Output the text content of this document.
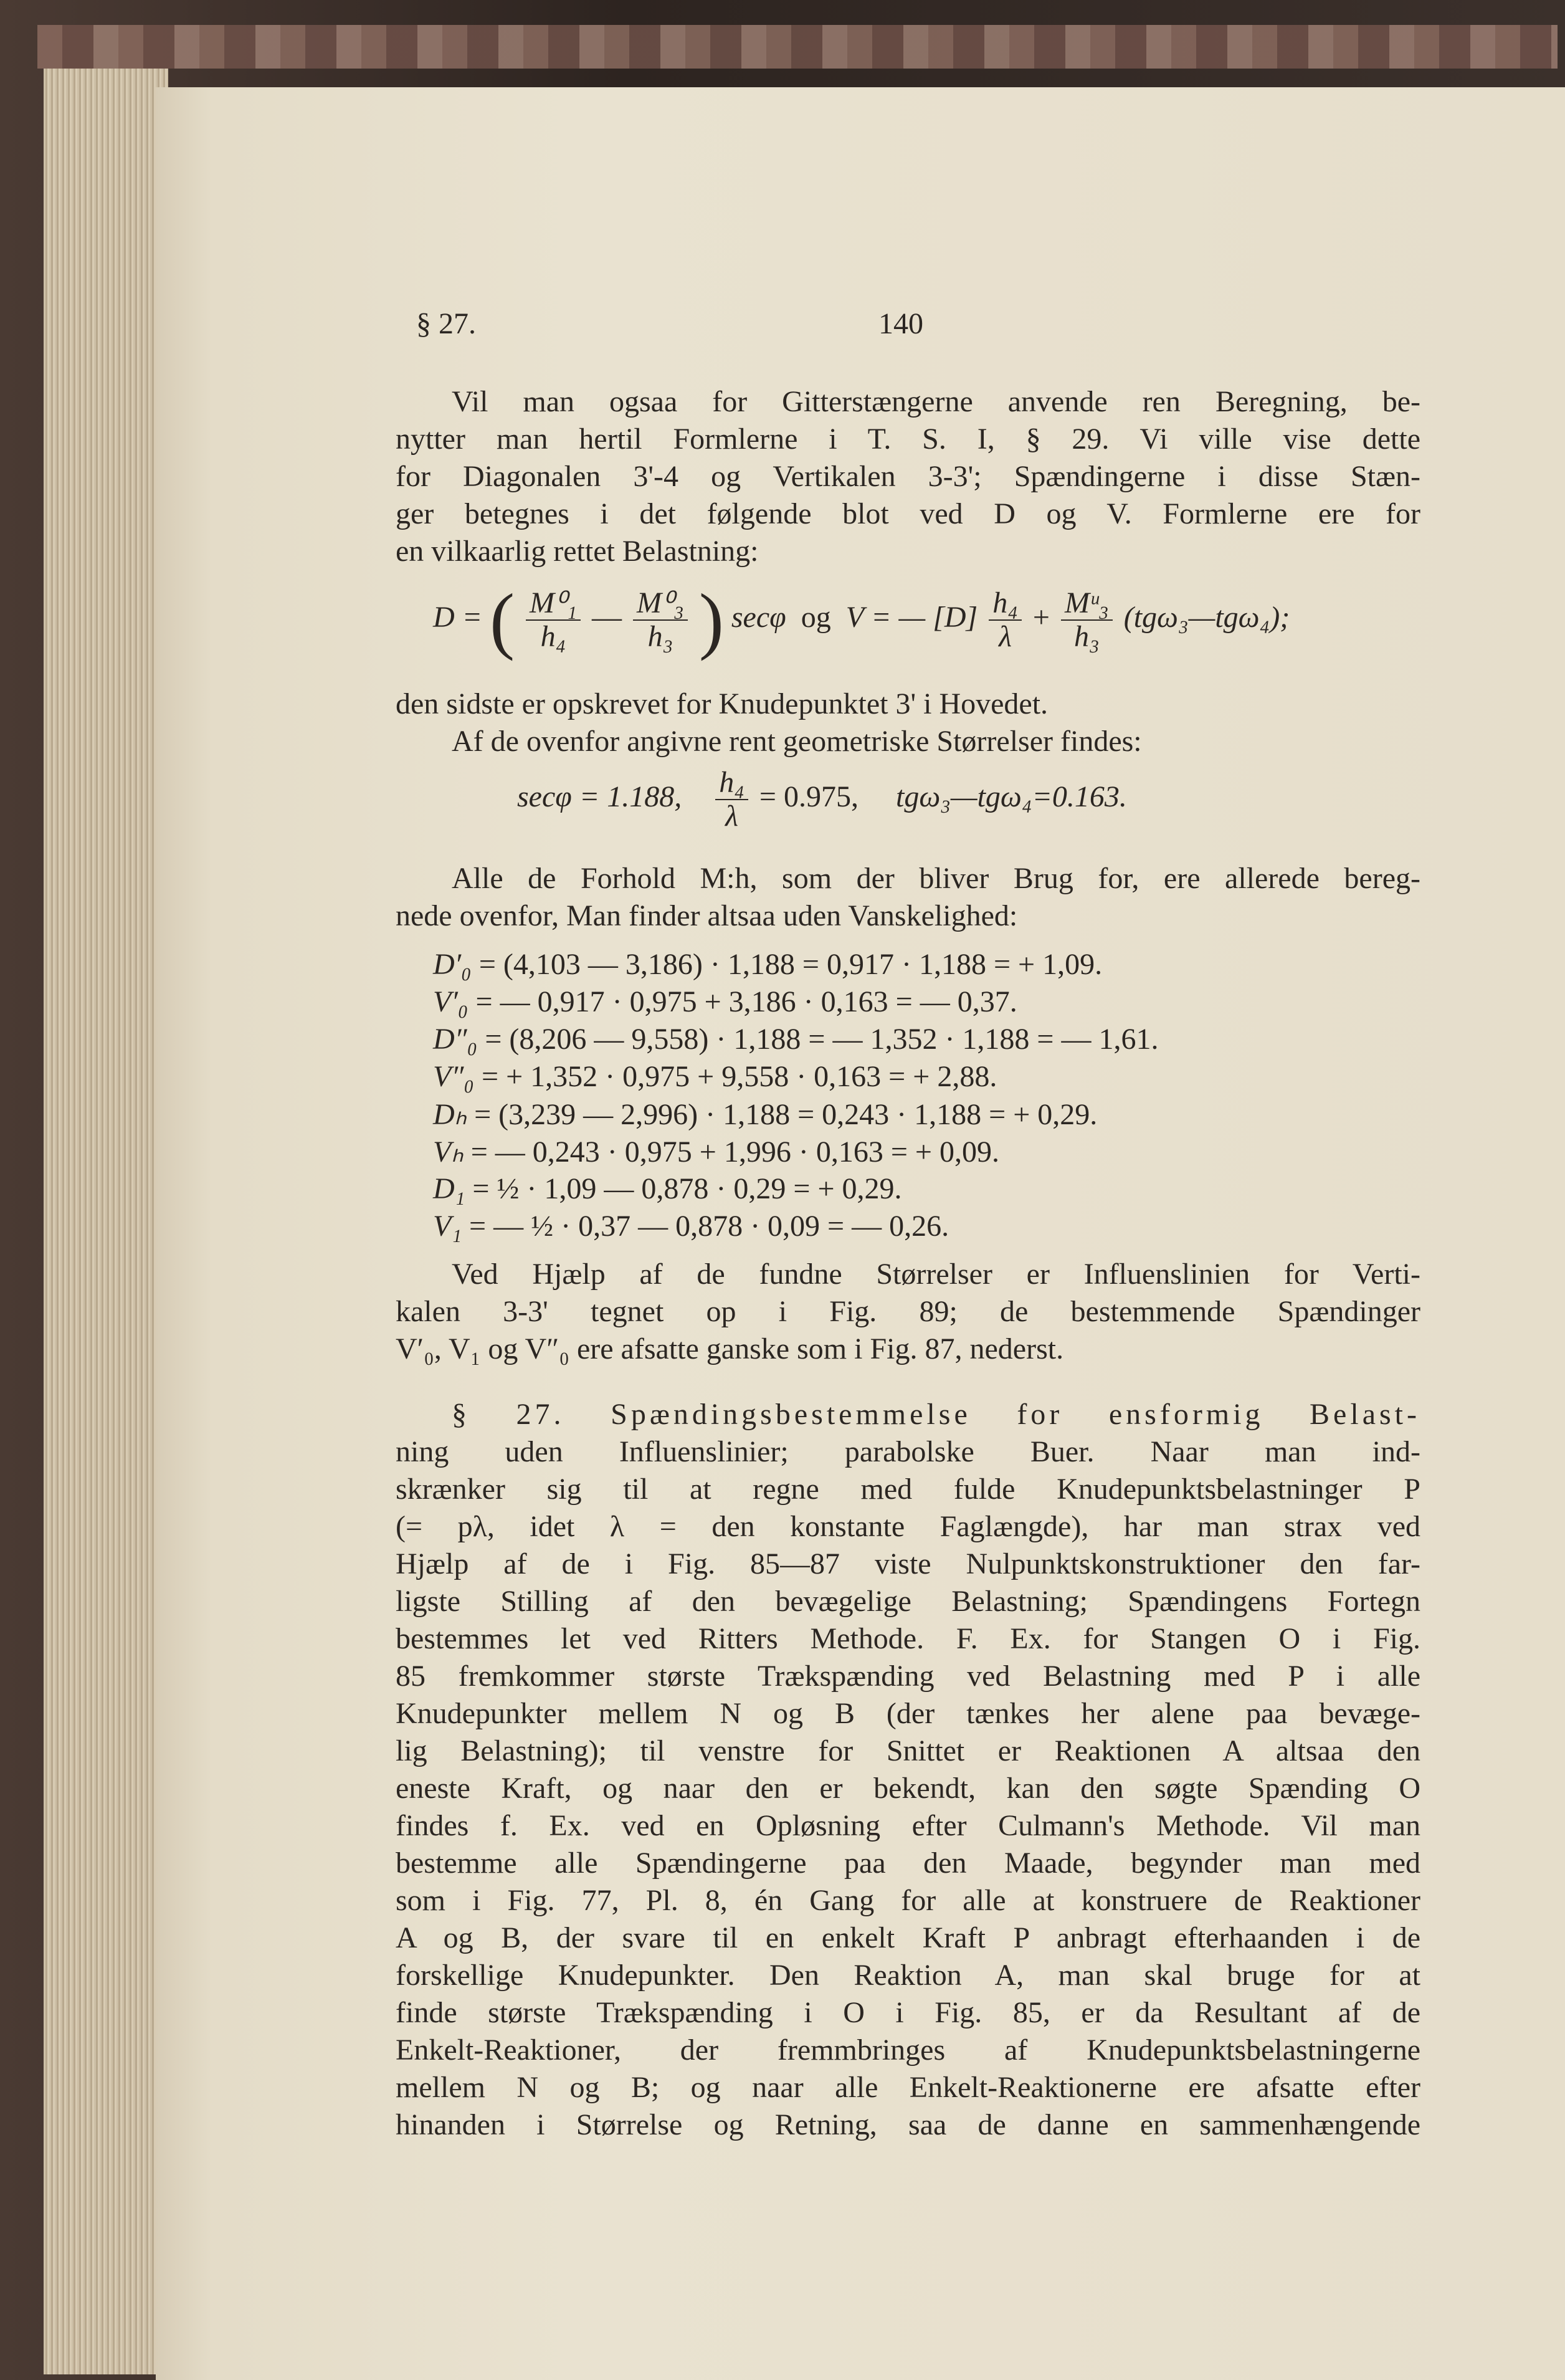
§ 27.	140
Vil man ogsaa for Gitterstængerne anvende ren Beregning, be-
nytter man hertil Formlerne i T. S. I, § 29. Vi ville vise dette
for Diagonalen 3'-4 og Vertikalen 3-3'; Spændingerne i disse Stæn-
ger betegnes i det følgende blot ved D og V. Formlerne ere for
en vilkaarlig rettet Belastning:
D = ( $\frac{\text{M⁰₁}}{\text{h₄}}$ — $\frac{\text{M⁰₃}}{\text{h₃}}$ ) secφ og V = — $[D] \frac{\text{h₄}}{\lambda} + \frac{\text{Mᵘ₃}}{\text{h₃}}$ (tgω₃—tgω₄);
den sidste er opskrevet for Knudepunktet 3' i Hovedet.
Af de ovenfor angivne rent geometriske Størrelser findes:
secφ = 1.188, $\frac{\text{h₄}}{\lambda} = 0.975$, tgω₃—tgω₄=0.163.
Alle de Forhold M:h, som der bliver Brug for, ere allerede bereg-
nede ovenfor, Man finder altsaa uden Vanskelighed:
D′₀ = (4,103 — 3,186) · 1,188 = 0,917 · 1,188 = + 1,09.
V′₀ = — 0,917 · 0,975 + 3,186 · 0,163 = — 0,37.
D″₀ = (8,206 — 9,558) · 1,188 = — 1,352 · 1,188 = — 1,61.
V″₀ = + 1,352 · 0,975 + 9,558 · 0,163 = + 2,88.
Dₕ = (3,239 — 2,996) · 1,188 = 0,243 · 1,188 = + 0,29.
Vₕ = — 0,243 · 0,975 + 1,996 · 0,163 = + 0,09.
D₁ = ½ · 1,09 — 0,878 · 0,29 = + 0,29.
V₁ = — ½ · 0,37 — 0,878 · 0,09 = — 0,26.
Ved Hjælp af de fundne Størrelser er Influenslinien for Verti-
kalen 3-3' tegnet op i Fig. 89; de bestemmende Spændinger
V′₀, V₁ og V″₀ ere afsatte ganske som i Fig. 87, nederst.
§ 27. Spændingsbestemmelse for ensformig Belast-
ning uden Influenslinier; parabolske Buer. Naar man ind-
skrænker sig til at regne med fulde Knudepunktsbelastninger P
(= pλ, idet λ = den konstante Faglængde), har man strax ved
Hjælp af de i Fig. 85—87 viste Nulpunktskonstruktioner den far-
ligste Stilling af den bevægelige Belastning; Spændingens Fortegn
bestemmes let ved Ritters Methode. F. Ex. for Stangen O i Fig.
85 fremkommer største Trækspænding ved Belastning med P i alle
Knudepunkter mellem N og B (der tænkes her alene paa bevæge-
lig Belastning); til venstre for Snittet er Reaktionen A altsaa den
eneste Kraft, og naar den er bekendt, kan den søgte Spænding O
findes f. Ex. ved en Opløsning efter Culmann's Methode. Vil man
bestemme alle Spændingerne paa den Maade, begynder man med
som i Fig. 77, Pl. 8, én Gang for alle at konstruere de Reaktioner
A og B, der svare til en enkelt Kraft P anbragt efterhaanden i de
forskellige Knudepunkter. Den Reaktion A, man skal bruge for at
finde største Trækspænding i O i Fig. 85, er da Resultant af de
Enkelt-Reaktioner, der fremmbringes af Knudepunktsbelastningerne
mellem N og B; og naar alle Enkelt-Reaktionerne ere afsatte efter
hinanden i Størrelse og Retning, saa de danne en sammenhængende
